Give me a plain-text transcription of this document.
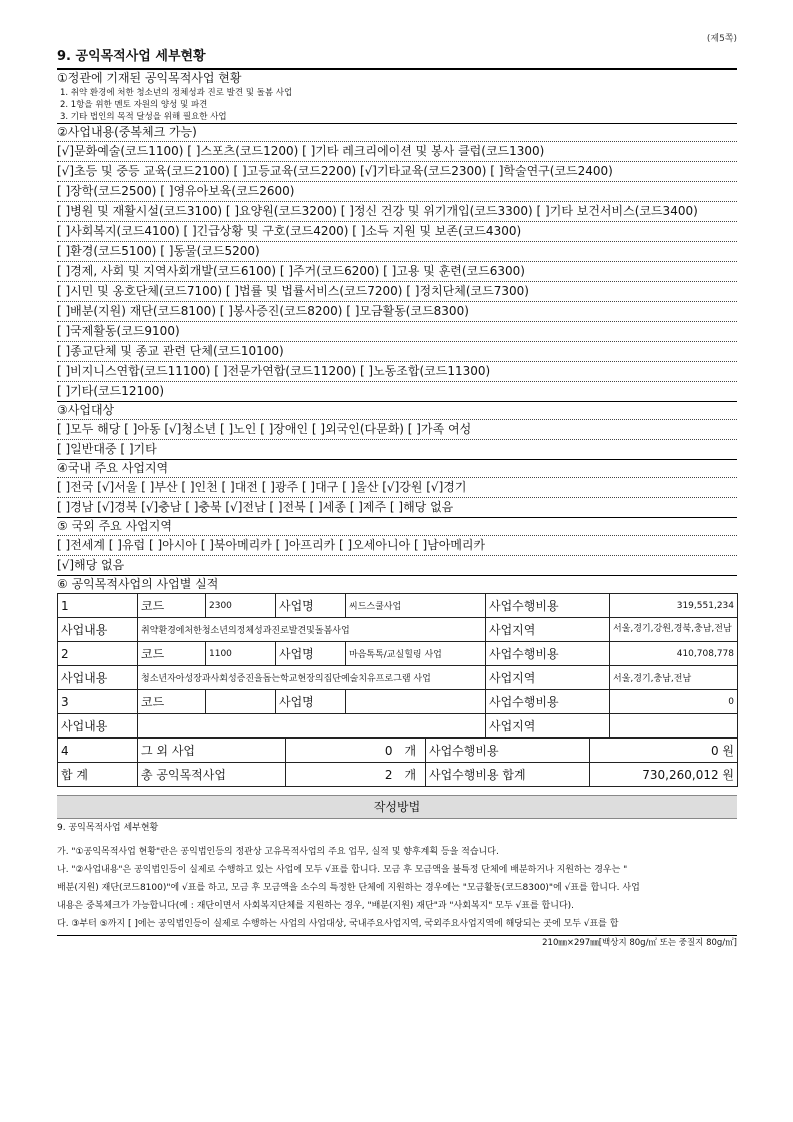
(제5쪽)
9. 공익목적사업 세부현황
①정관에 기재된 공익목적사업 현황
1. 취약 환경에 처한 청소년의 정체성과 진로 발견 및 돌봄 사업
2. 1항을 위한 멘토 자원의 양성 및 파견
3. 기타 법인의 목적 달성을 위해 필요한 사업
②사업내용(중복체크 가능)
[√]문화예술(코드1100) [ ]스포츠(코드1200) [ ]기타 레크리에이션 및 봉사 클럽(코드1300)
[√]초등 및 중등 교육(코드2100) [ ]고등교육(코드2200) [√]기타교육(코드2300) [ ]학술연구(코드2400)
[ ]장학(코드2500) [ ]영유아보육(코드2600)
[ ]병원 및 재활시설(코드3100) [ ]요양원(코드3200) [ ]정신 건강 및 위기개입(코드3300) [ ]기타 보건서비스(코드3400)
[ ]사회복지(코드4100) [ ]긴급상황 및 구호(코드4200) [ ]소득 지원 및 보존(코드4300)
[ ]환경(코드5100) [ ]동물(코드5200)
[ ]경제, 사회 및 지역사회개발(코드6100) [ ]주거(코드6200) [ ]고용 및 훈련(코드6300)
[ ]시민 및 옹호단체(코드7100) [ ]법률 및 법률서비스(코드7200) [ ]정치단체(코드7300)
[ ]배분(지원) 재단(코드8100) [ ]봉사증진(코드8200) [ ]모금활동(코드8300)
[ ]국제활동(코드9100)
[ ]종교단체 및 종교 관련 단체(코드10100)
[ ]비지니스연합(코드11100) [ ]전문가연합(코드11200) [ ]노동조합(코드11300)
[ ]기타(코드12100)
③사업대상
[ ]모두 해당 [ ]아동 [√]청소년 [ ]노인 [ ]장애인 [ ]외국인(다문화) [ ]가족 여성
[ ]일반대중 [ ]기타
④국내 주요 사업지역
[ ]전국 [√]서울 [ ]부산 [ ]인천 [ ]대전 [ ]광주 [ ]대구 [ ]울산 [√]강원 [√]경기
[ ]경남 [√]경북 [√]충남 [ ]충북 [√]전남 [ ]전북 [ ]세종 [ ]제주 [ ]해당 없음
⑤ 국외 주요 사업지역
[ ]전세계 [ ]유럽 [ ]아시아 [ ]북아메리카 [ ]아프리카 [ ]오세아니아 [ ]남아메리카
[√]해당 없음
⑥ 공익목적사업의 사업별 실적
1	코드	2300	사업명	씨드스쿨사업	사업수행비용	319,551,234
사업내용	취약환경에처한청소년의정체성과진로발견및돌봄사업				사업지역	서울,경기,강원,경북,충남,전남
2	코드	1100	사업명	마음톡톡/교실힐링 사업	사업수행비용	410,708,778
사업내용	청소년자아성장과사회성증진을돕는학교현장의집단예술치유프로그램 사업				사업지역	서울,경기,충남,전남
3	코드		사업명		사업수행비용	0
사업내용					사업지역	
4	그 외 사업	0	개	사업수행비용	0 원
합 계	총 공익목적사업	2	개	사업수행비용 합계	730,260,012 원
작성방법
9. 공익목적사업 세부현황
가. "①공익목적사업 현황"란은 공익법인등의 정관상 고유목적사업의 주요 업무, 실적 및 향후계획 등을 적습니다.
나. "②사업내용"은 공익법인등이 실제로 수행하고 있는 사업에 모두 √표를 합니다. 모금 후 모금액을 불특정 단체에 배분하거나 지원하는 경우는 "
배분(지원) 재단(코드8100)"에 √표를 하고, 모금 후 모금액을 소수의 특정한 단체에 지원하는 경우에는 "모금활동(코드8300)"에 √표를 합니다. 사업
내용은 중복체크가 가능합니다(예 : 재단이면서 사회복지단체를 지원하는 경우, "배분(지원) 재단"과 "사회복지" 모두 √표를 합니다).
다. ③부터 ⑤까지 [ ]에는 공익법인등이 실제로 수행하는 사업의 사업대상, 국내주요사업지역, 국외주요사업지역에 해당되는 곳에 모두 √표를 합
210㎜×297㎜[백상지 80g/㎡ 또는 중질지 80g/㎡]
